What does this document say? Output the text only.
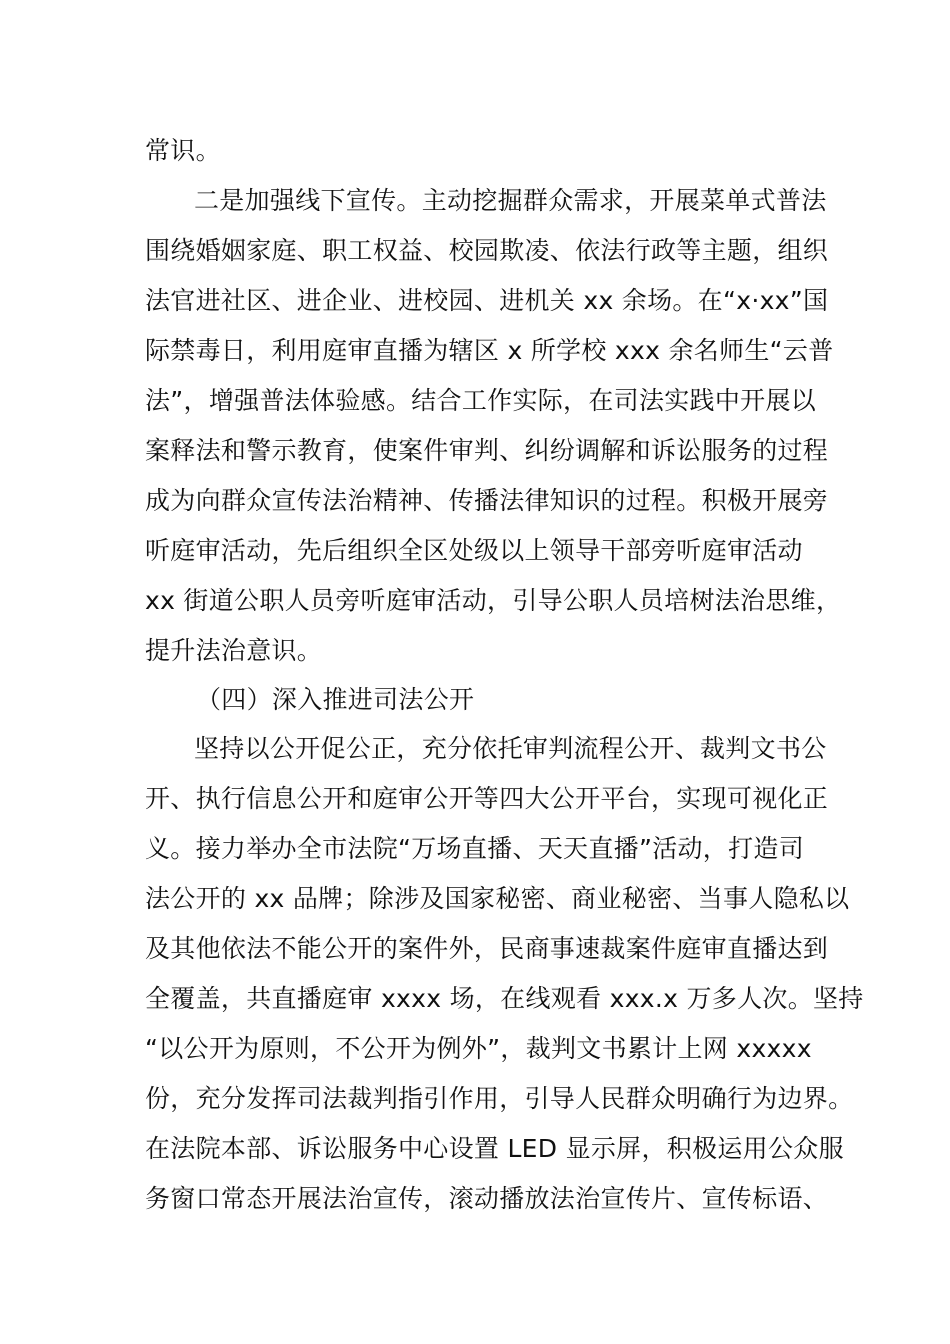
常识。
二是加强线下宣传。主动挖掘群众需求，开展菜单式普法
围绕婚姻家庭、职工权益、校园欺凌、依法行政等主题，组织
法官进社区、进企业、进校园、进机关 xx 余场。在“x·xx”国
际禁毒日，利用庭审直播为辖区 x 所学校 xxx 余名师生“云普
法”，增强普法体验感。结合工作实际，在司法实践中开展以
案释法和警示教育，使案件审判、纠纷调解和诉讼服务的过程
成为向群众宣传法治精神、传播法律知识的过程。积极开展旁
听庭审活动，先后组织全区处级以上领导干部旁听庭审活动
xx 街道公职人员旁听庭审活动，引导公职人员培树法治思维，
提升法治意识。
（四）深入推进司法公开
坚持以公开促公正，充分依托审判流程公开、裁判文书公
开、执行信息公开和庭审公开等四大公开平台，实现可视化正
义。接力举办全市法院“万场直播、天天直播”活动，打造司
法公开的 xx 品牌；除涉及国家秘密、商业秘密、当事人隐私以
及其他依法不能公开的案件外，民商事速裁案件庭审直播达到
全覆盖，共直播庭审 xxxx 场，在线观看 xxx.x 万多人次。坚持
“以公开为原则，不公开为例外”，裁判文书累计上网 xxxxx
份，充分发挥司法裁判指引作用，引导人民群众明确行为边界。
在法院本部、诉讼服务中心设置 LED 显示屏，积极运用公众服
务窗口常态开展法治宣传，滚动播放法治宣传片、宣传标语、
